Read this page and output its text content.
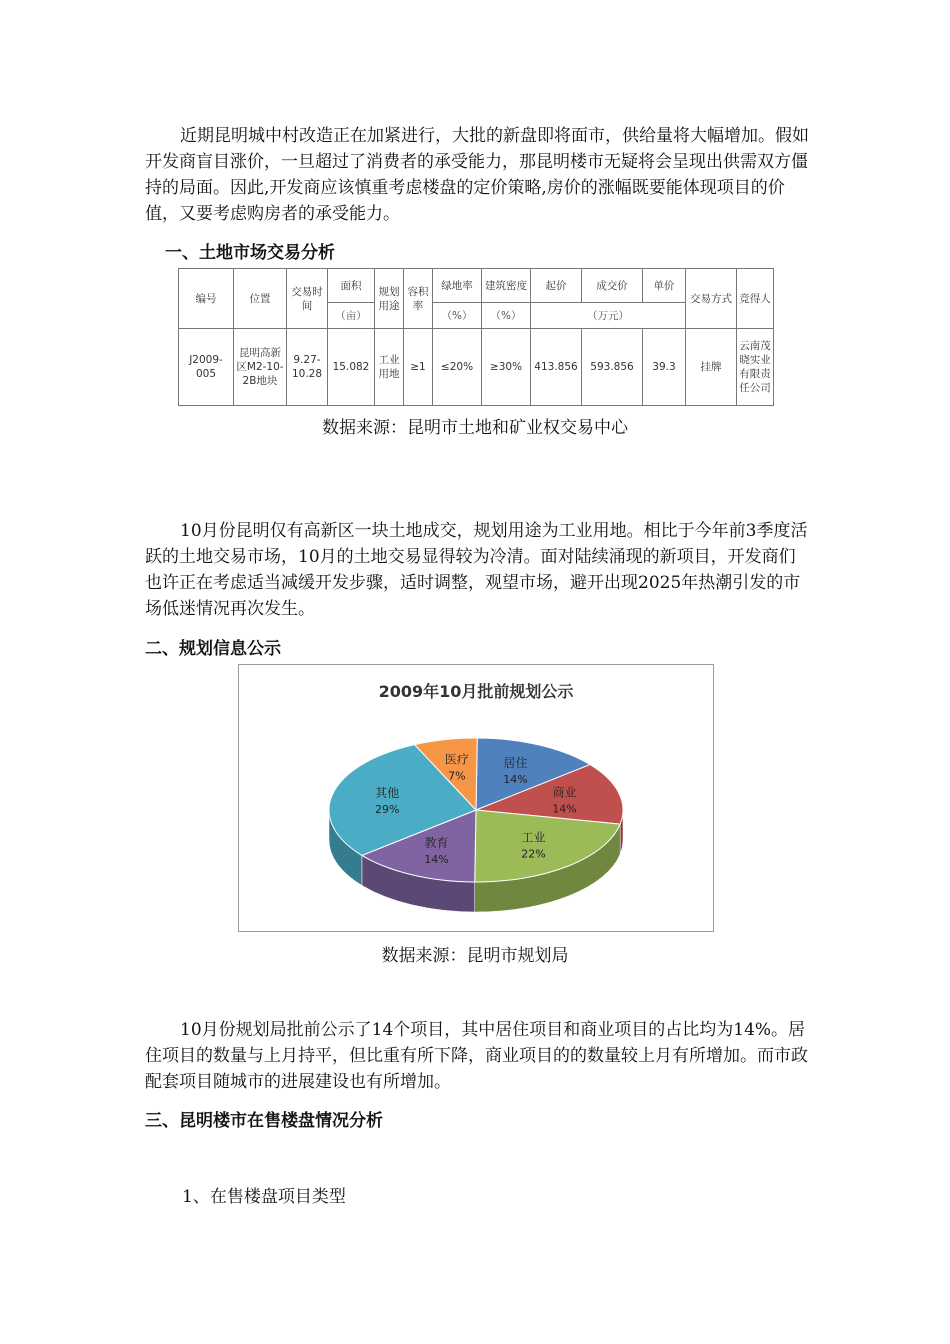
近期昆明城中村改造正在加紧进行，大批的新盘即将面市，供给量将大幅增加。假如开发商盲目涨价，一旦超过了消费者的承受能力，那昆明楼市无疑将会呈现出供需双方僵持的局面。因此,开发商应该慎重考虑楼盘的定价策略,房价的涨幅既要能体现项目的价值，又要考虑购房者的承受能力。
一、土地市场交易分析
编号	位置	交易时间	面积	规划用途	容积率	绿地率	建筑密度	起价	成交价	单价	交易方式	竞得人
			（亩）			（%）	（%）	（万元）				
J2009-005	昆明高新区M2-10-2B地块	9.27-10.28	15.082	工业用地	≥1	≤20%	≥30%	413.856	593.856	39.3	挂牌	云南茂晓实业有限责任公司
数据来源：昆明市土地和矿业权交易中心
10月份昆明仅有高新区一块土地成交，规划用途为工业用地。相比于今年前3季度活跃的土地交易市场，10月的土地交易显得较为冷清。面对陆续涌现的新项目，开发商们也许正在考虑适当减缓开发步骤，适时调整，观望市场，避开出现2025年热潮引发的市场低迷情况再次发生。
二、规划信息公示
2009年10月批前规划公示
居住
14%
商业
14%
工业
22%
教育
14%
其他
29%
医疗
7%
数据来源：昆明市规划局
10月份规划局批前公示了14个项目，其中居住项目和商业项目的占比均为14%。居住项目的数量与上月持平，但比重有所下降，商业项目的的数量较上月有所增加。而市政配套项目随城市的进展建设也有所增加。
三、昆明楼市在售楼盘情况分析
1、在售楼盘项目类型
